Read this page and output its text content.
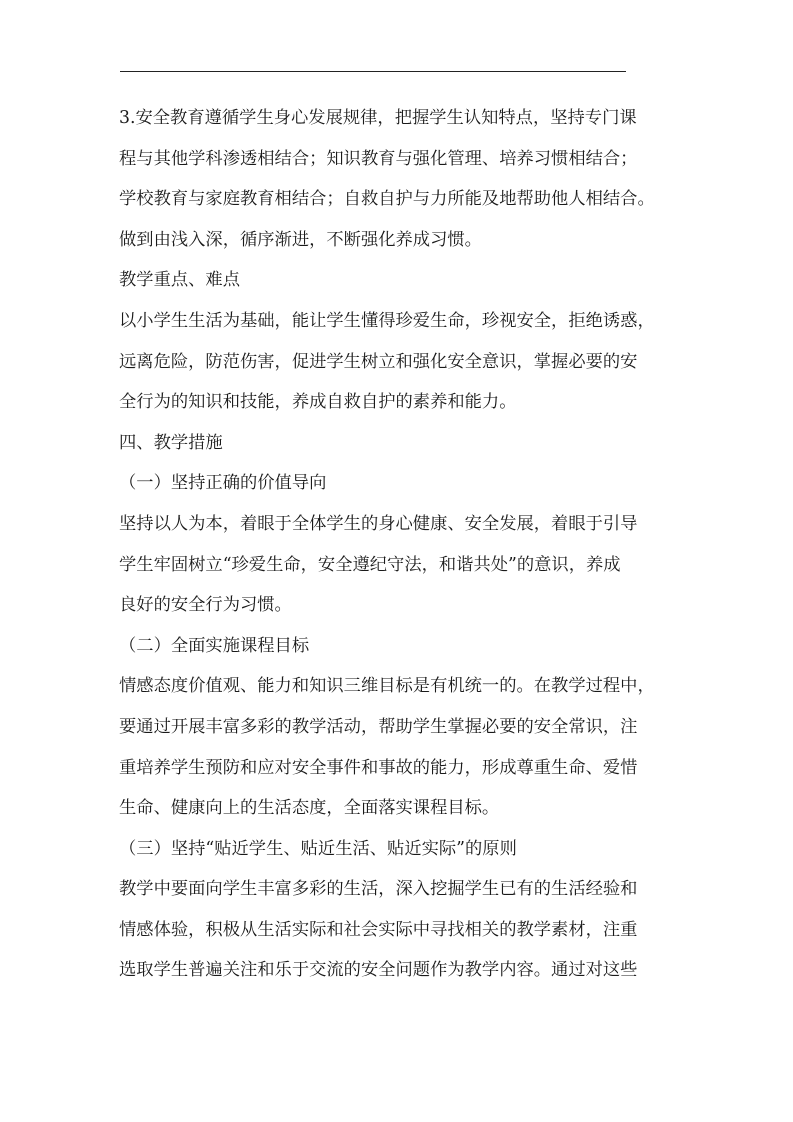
3.安全教育遵循学生身心发展规律，把握学生认知特点，坚持专门课
程与其他学科渗透相结合；知识教育与强化管理、培养习惯相结合；
学校教育与家庭教育相结合；自救自护与力所能及地帮助他人相结合。
做到由浅入深，循序渐进，不断强化养成习惯。
教学重点、难点
以小学生生活为基础，能让学生懂得珍爱生命，珍视安全，拒绝诱惑，
远离危险，防范伤害，促进学生树立和强化安全意识，掌握必要的安
全行为的知识和技能，养成自救自护的素养和能力。
四、教学措施
（一）坚持正确的价值导向
坚持以人为本，着眼于全体学生的身心健康、安全发展，着眼于引导
学生牢固树立“珍爱生命，安全遵纪守法，和谐共处”的意识，养成
良好的安全行为习惯。
（二）全面实施课程目标
情感态度价值观、能力和知识三维目标是有机统一的。在教学过程中，
要通过开展丰富多彩的教学活动，帮助学生掌握必要的安全常识，注
重培养学生预防和应对安全事件和事故的能力，形成尊重生命、爱惜
生命、健康向上的生活态度，全面落实课程目标。
（三）坚持“贴近学生、贴近生活、贴近实际”的原则
教学中要面向学生丰富多彩的生活，深入挖掘学生已有的生活经验和
情感体验，积极从生活实际和社会实际中寻找相关的教学素材，注重
选取学生普遍关注和乐于交流的安全问题作为教学内容。通过对这些
